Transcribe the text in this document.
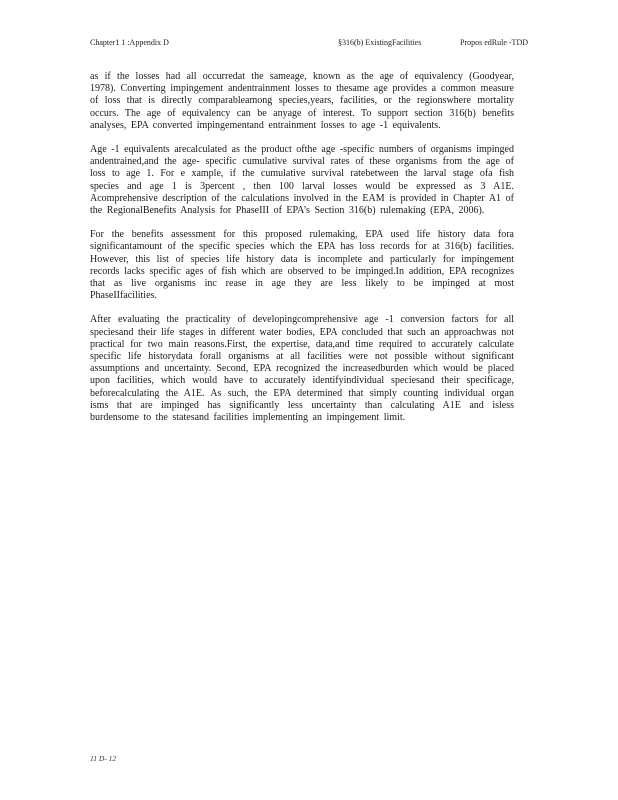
Chapter1 1 :Appendix D	§316(b) ExistingFacilities	Propos edRule -TDD

as if the losses had all occurredat the sameage, known as the age of equivalency (Goodyear, 1978). Converting impingement andentrainment losses to thesame age provides a common measure of loss that is directly comparableamong species,years, facilities, or the regionswhere mortality occurs. The age of equivalency can be anyage of interest. To support section 316(b) benefits analyses, EPA converted impingementand entrainment losses to age -1 equivalents.

Age -1 equivalents arecalculated as the product ofthe age -specific numbers of organisms impinged andentrained,and the age- specific cumulative survival rates of these organisms from the age of loss to age 1. For e xample, if the cumulative survival ratebetween the larval stage ofa fish species and age 1 is 3percent , then 100 larval losses would be expressed as 3 A1E. Acomprehensive description of the calculations involved in the EAM is provided in Chapter A1 of the RegionalBenefits Analysis for PhaseIII of EPA’s Section 316(b) rulemaking (EPA, 2006).

For the benefits assessment for this proposed rulemaking, EPA used life history data fora significantamount of the specific species which the EPA has loss records for at 316(b) facilities. However, this list of species life history data is incomplete and particularly for impingement records lacks specific ages of fish which are observed to be impinged.In addition, EPA recognizes that as live organisms inc rease in age they are less likely to be impinged at most PhaseIIfacilities.

After evaluating the practicality of developingcomprehensive age -1 conversion factors for all speciesand their life stages in different water bodies, EPA concluded that such an approachwas not practical for two main reasons.First, the expertise, data,and time required to accurately calculate specific life historydata forall organisms at all facilities were not possible without significant assumptions and uncertainty. Second, EPA recognized the increasedburden which would be placed upon facilities, which would have to accurately identifyindividual speciesand their specificage, beforecalculating the A1E. As such, the EPA determined that simply counting individual organ isms that are impinged has significantly less uncertainty than calculating A1E and isless burdensome to the statesand facilities implementing an impingement limit.

11 D- 12
